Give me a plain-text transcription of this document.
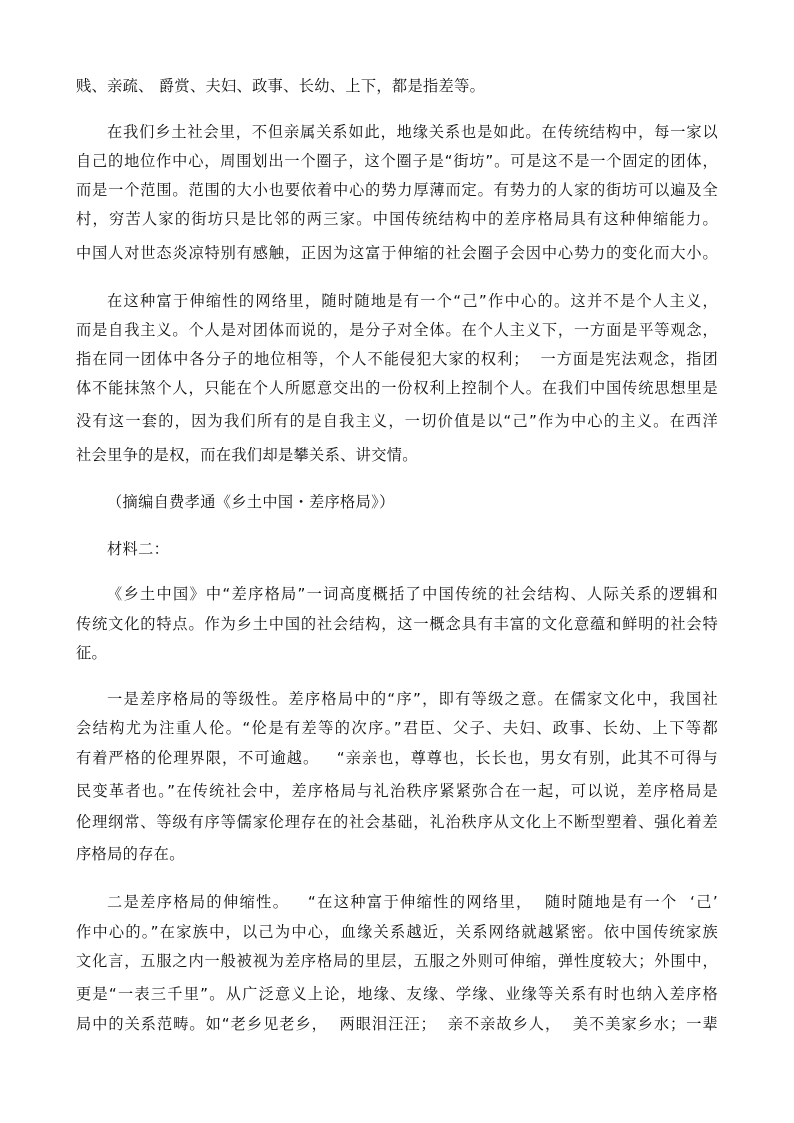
贱、亲疏、 爵赏、夫妇、政事、长幼、上下，都是指差等。
在我们乡土社会里，不但亲属关系如此，地缘关系也是如此。在传统结构中，每一家以
自己的地位作中心，周围划出一个圈子，这个圈子是“街坊”。可是这不是一个固定的团体，
而是一个范围。范围的大小也要依着中心的势力厚薄而定。有势力的人家的街坊可以遍及全
村，穷苦人家的街坊只是比邻的两三家。中国传统结构中的差序格局具有这种伸缩能力。
中国人对世态炎凉特别有感触，正因为这富于伸缩的社会圈子会因中心势力的变化而大小。
在这种富于伸缩性的网络里，随时随地是有一个“己”作中心的。这并不是个人主义，
而是自我主义。个人是对团体而说的，是分子对全体。在个人主义下，一方面是平等观念，
指在同一团体中各分子的地位相等，个人不能侵犯大家的权利；  一方面是宪法观念，指团
体不能抹煞个人，只能在个人所愿意交出的一份权利上控制个人。在我们中国传统思想里是
没有这一套的，因为我们所有的是自我主义，一切价值是以“己”作为中心的主义。在西洋
社会里争的是权，而在我们却是攀关系、讲交情。
（摘编自费孝通《乡土中国・差序格局》）
材料二：
《乡土中国》中“差序格局”一词高度概括了中国传统的社会结构、人际关系的逻辑和
传统文化的特点。作为乡土中国的社会结构，这一概念具有丰富的文化意蕴和鲜明的社会特
征。
一是差序格局的等级性。差序格局中的“序”，即有等级之意。在儒家文化中，我国社
会结构尤为注重人伦。“伦是有差等的次序。”君臣、父子、夫妇、政事、长幼、上下等都
有着严格的伦理界限，不可逾越。   “亲亲也，尊尊也，长长也，男女有别，此其不可得与
民变革者也。”在传统社会中，差序格局与礼治秩序紧紧弥合在一起，可以说，差序格局是
伦理纲常、等级有序等儒家伦理存在的社会基础，礼治秩序从文化上不断型塑着、强化着差
序格局的存在。
二是差序格局的伸缩性。   “在这种富于伸缩性的网络里，  随时随地是有一个  ‘己’
作中心的。”在家族中，以己为中心，血缘关系越近，关系网络就越紧密。依中国传统家族
文化言，五服之内一般被视为差序格局的里层，五服之外则可伸缩，弹性度较大；外围中，
更是“一表三千里”。从广泛意义上论，地缘、友缘、学缘、业缘等关系有时也纳入差序格
局中的关系范畴。如“老乡见老乡，  两眼泪汪汪；  亲不亲故乡人，  美不美家乡水；一辈
